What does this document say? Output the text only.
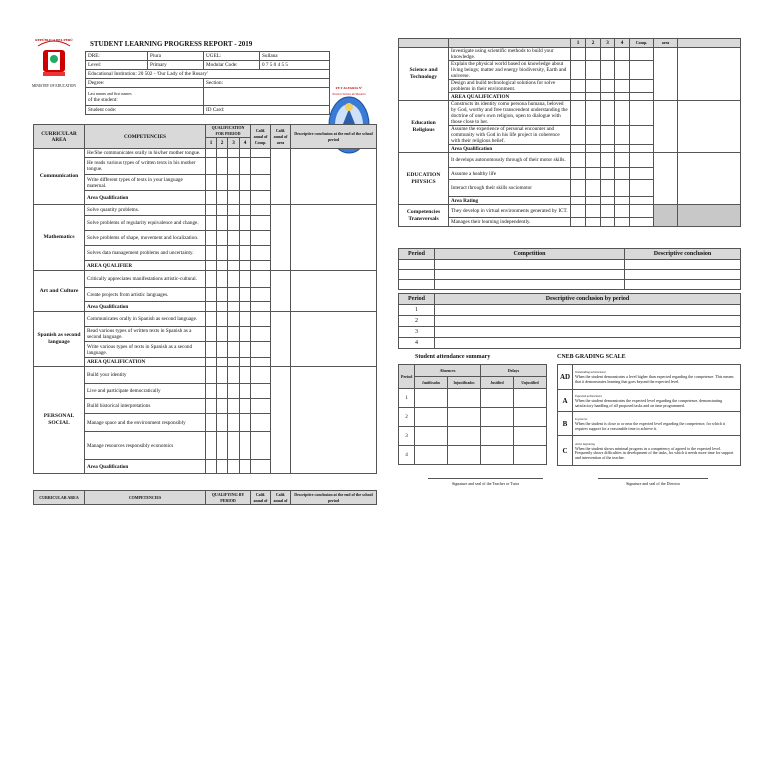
REPÚBLICA DEL PERÚ
MINISTRY OF EDUCATION
STUDENT LEARNING PROGRESS REPORT - 2019
DRE:	Piura	UGEL:	Sullana
Level:	Primary	Modular Code:	0 7 5 0 4 5 5
Educational Institution: 20 502 - 'Our Lady of the Rosary'			
Degree:		Section:	

Last names and first names
of the student:			

Student code:		ID Card:	
FE Y ALEGRÍA N°
Nuestra Señora del Rosario
CURRICULAR AREA	COMPETENCIES	QUALIFICATION FOR PERIOD				Calif. anual of Comp.	Calif. anual of area	Descriptive conclusion at the end of the school period
		1	2	3	4			
Communication	He/She communicates orally in his/her mother tongue.							
	He reads various types of written texts in his mother tongue.							
	Write different types of texts in your language maternal.							
	Area Qualification							
Mathematics	Solve quantity problems.							
	Solve problems of regularity equivalence and change.							
	Solve problems of shape, movement and localization.							
	Solves data management problems and uncertainty.							
	AREA QUALIFIER							
Art and Culture	Critically appreciates manifestations artistic-cultural.							
	Create projects from artistic languages.							
	Area Qualification							
Spanish as second language	Communicates orally in Spanish as second language.							
	Read various types of written texts in Spanish as a second language.							
	Write various types of texts in Spanish as a second language.							
	AREA QUALIFICATION							
PERSONAL SOCIAL	Build your identity							
	Live and participate democratically							
	Build historical interpretations							
	Manage space and the environment responsibly							
	Manage resources responsibly economics							
	Area Qualification							
CURRICULAR AREA	COMPETENCIES	QUALIFYING BY PERIOD	Calif. anual of	Calif. anual of	Descriptive conclusion at the end of the school period
		1	2	3	4	Comp.	area	
Science and Technology	Investigate using scientific methods to build your knowledge.							
	Explain the physical world based on knowledge about living beings; matter and energy biodiversity, Earth and universe.							
	Design and build technological solutions for solve problems in their environment.							
	AREA QUALIFICATION							
Education Religious	Constructs its identity como persona humana, beloved by God, worthy and free transcendent understanding the doctrine of one's own religion, open to dialogue with those close to her.							
	Assume the experience of personal encounter and community with God in his life project in coherence with their religious belief.							
	Area Qualification							
EDUCATION PHYSICS	It develops autonomously through of their motor skills.							
	Assume a healthy life							
	Interact through their skills sociomotor							
	Area Rating							
Competencies Transversals	They develop in virtual environments generated by ICT.							
	Manages their learning independently.							
Period	Competition	Descriptive conclusion

Period	Descriptive conclusion by period
1	
2	
3	
4	
Student attendance summary
Period	Absences		Delays	
	Justificados	Injustificados	Justified	Unjustified
1				
2				
3				
4				
CNEB GRADING SCALE
AD	Outstanding achievement
When the student demonstrates a level higher than expected regarding the competence. This means that it demonstrates learning that goes beyond the expected level.

A	Expected achievement
When the student demonstrates the expected level regarding the competence, demonstrating satisfactory handling of all proposed tasks and on time programmed.

B	In process
When the student is close to or near the expected level regarding the competence, for which it requires support for a reasonable time to achieve it.

C	At the beginning
When the student shows minimal progress in a competency of agreed to the expected level. Frequently shows difficulties in development of the tasks, for which it needs more time for support and intervention of the teacher.
Signature and seal of the Teacher or Tutor	Signature and seal of the Director
